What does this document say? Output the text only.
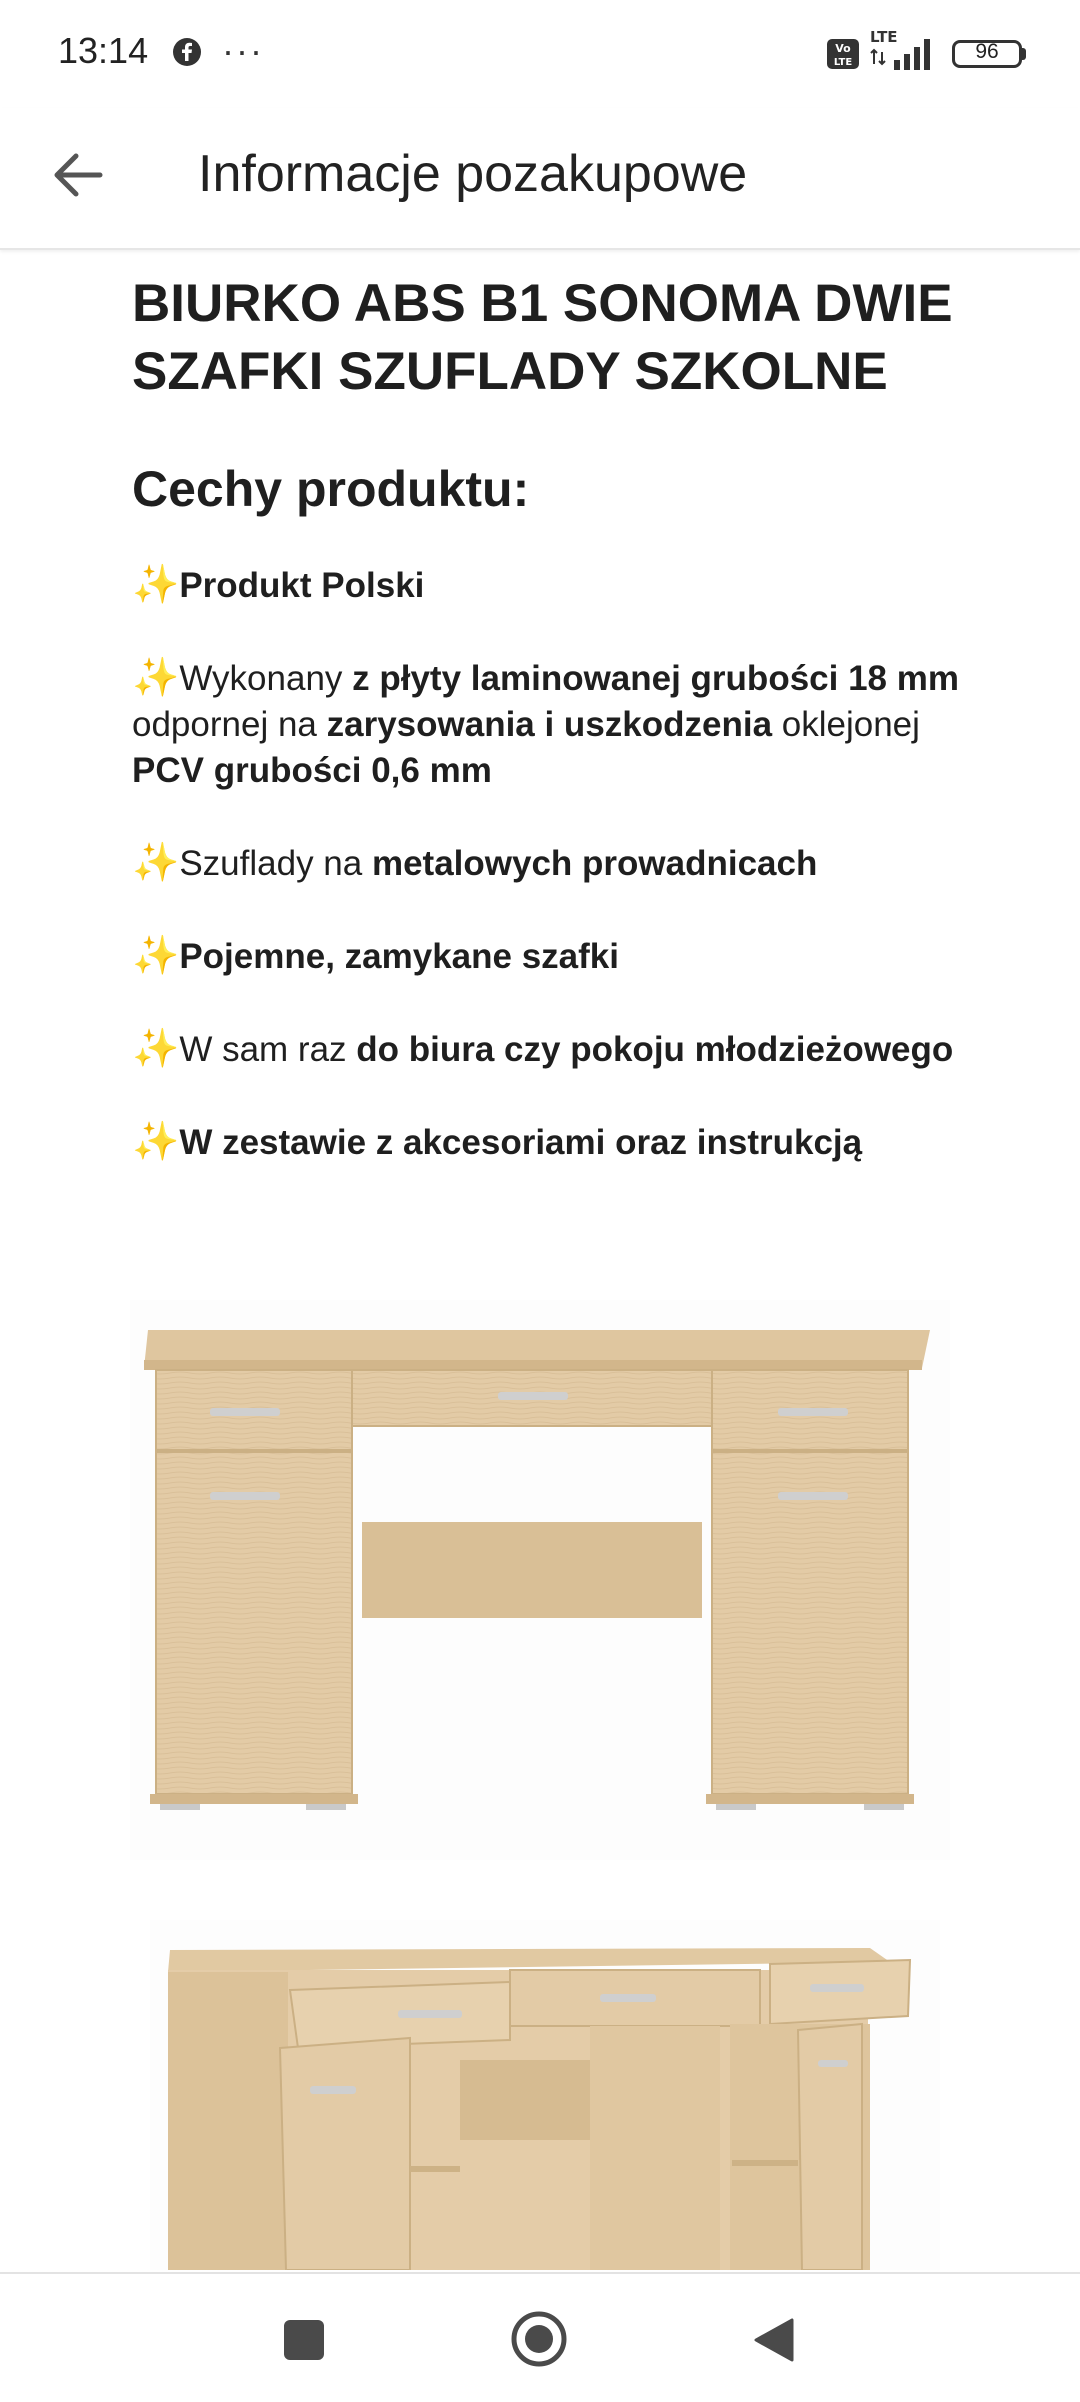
13:14 ···	Vo
LTE
LTE
96
Informacje pozakupowe
BIURKO ABS B1 SONOMA DWIE SZAFKI SZUFLADY SZKOLNE
Cechy produktu:

✨Produkt Polski

✨Wykonany z płyty laminowanej grubości 18 mm odpornej na zarysowania i uszkodzenia oklejonej PCV grubości 0,6 mm

✨Szuflady na metalowych prowadnicach

✨Pojemne, zamykane szafki

✨W sam raz do biura czy pokoju młodzieżowego

✨W zestawie z akcesoriami oraz instrukcją
